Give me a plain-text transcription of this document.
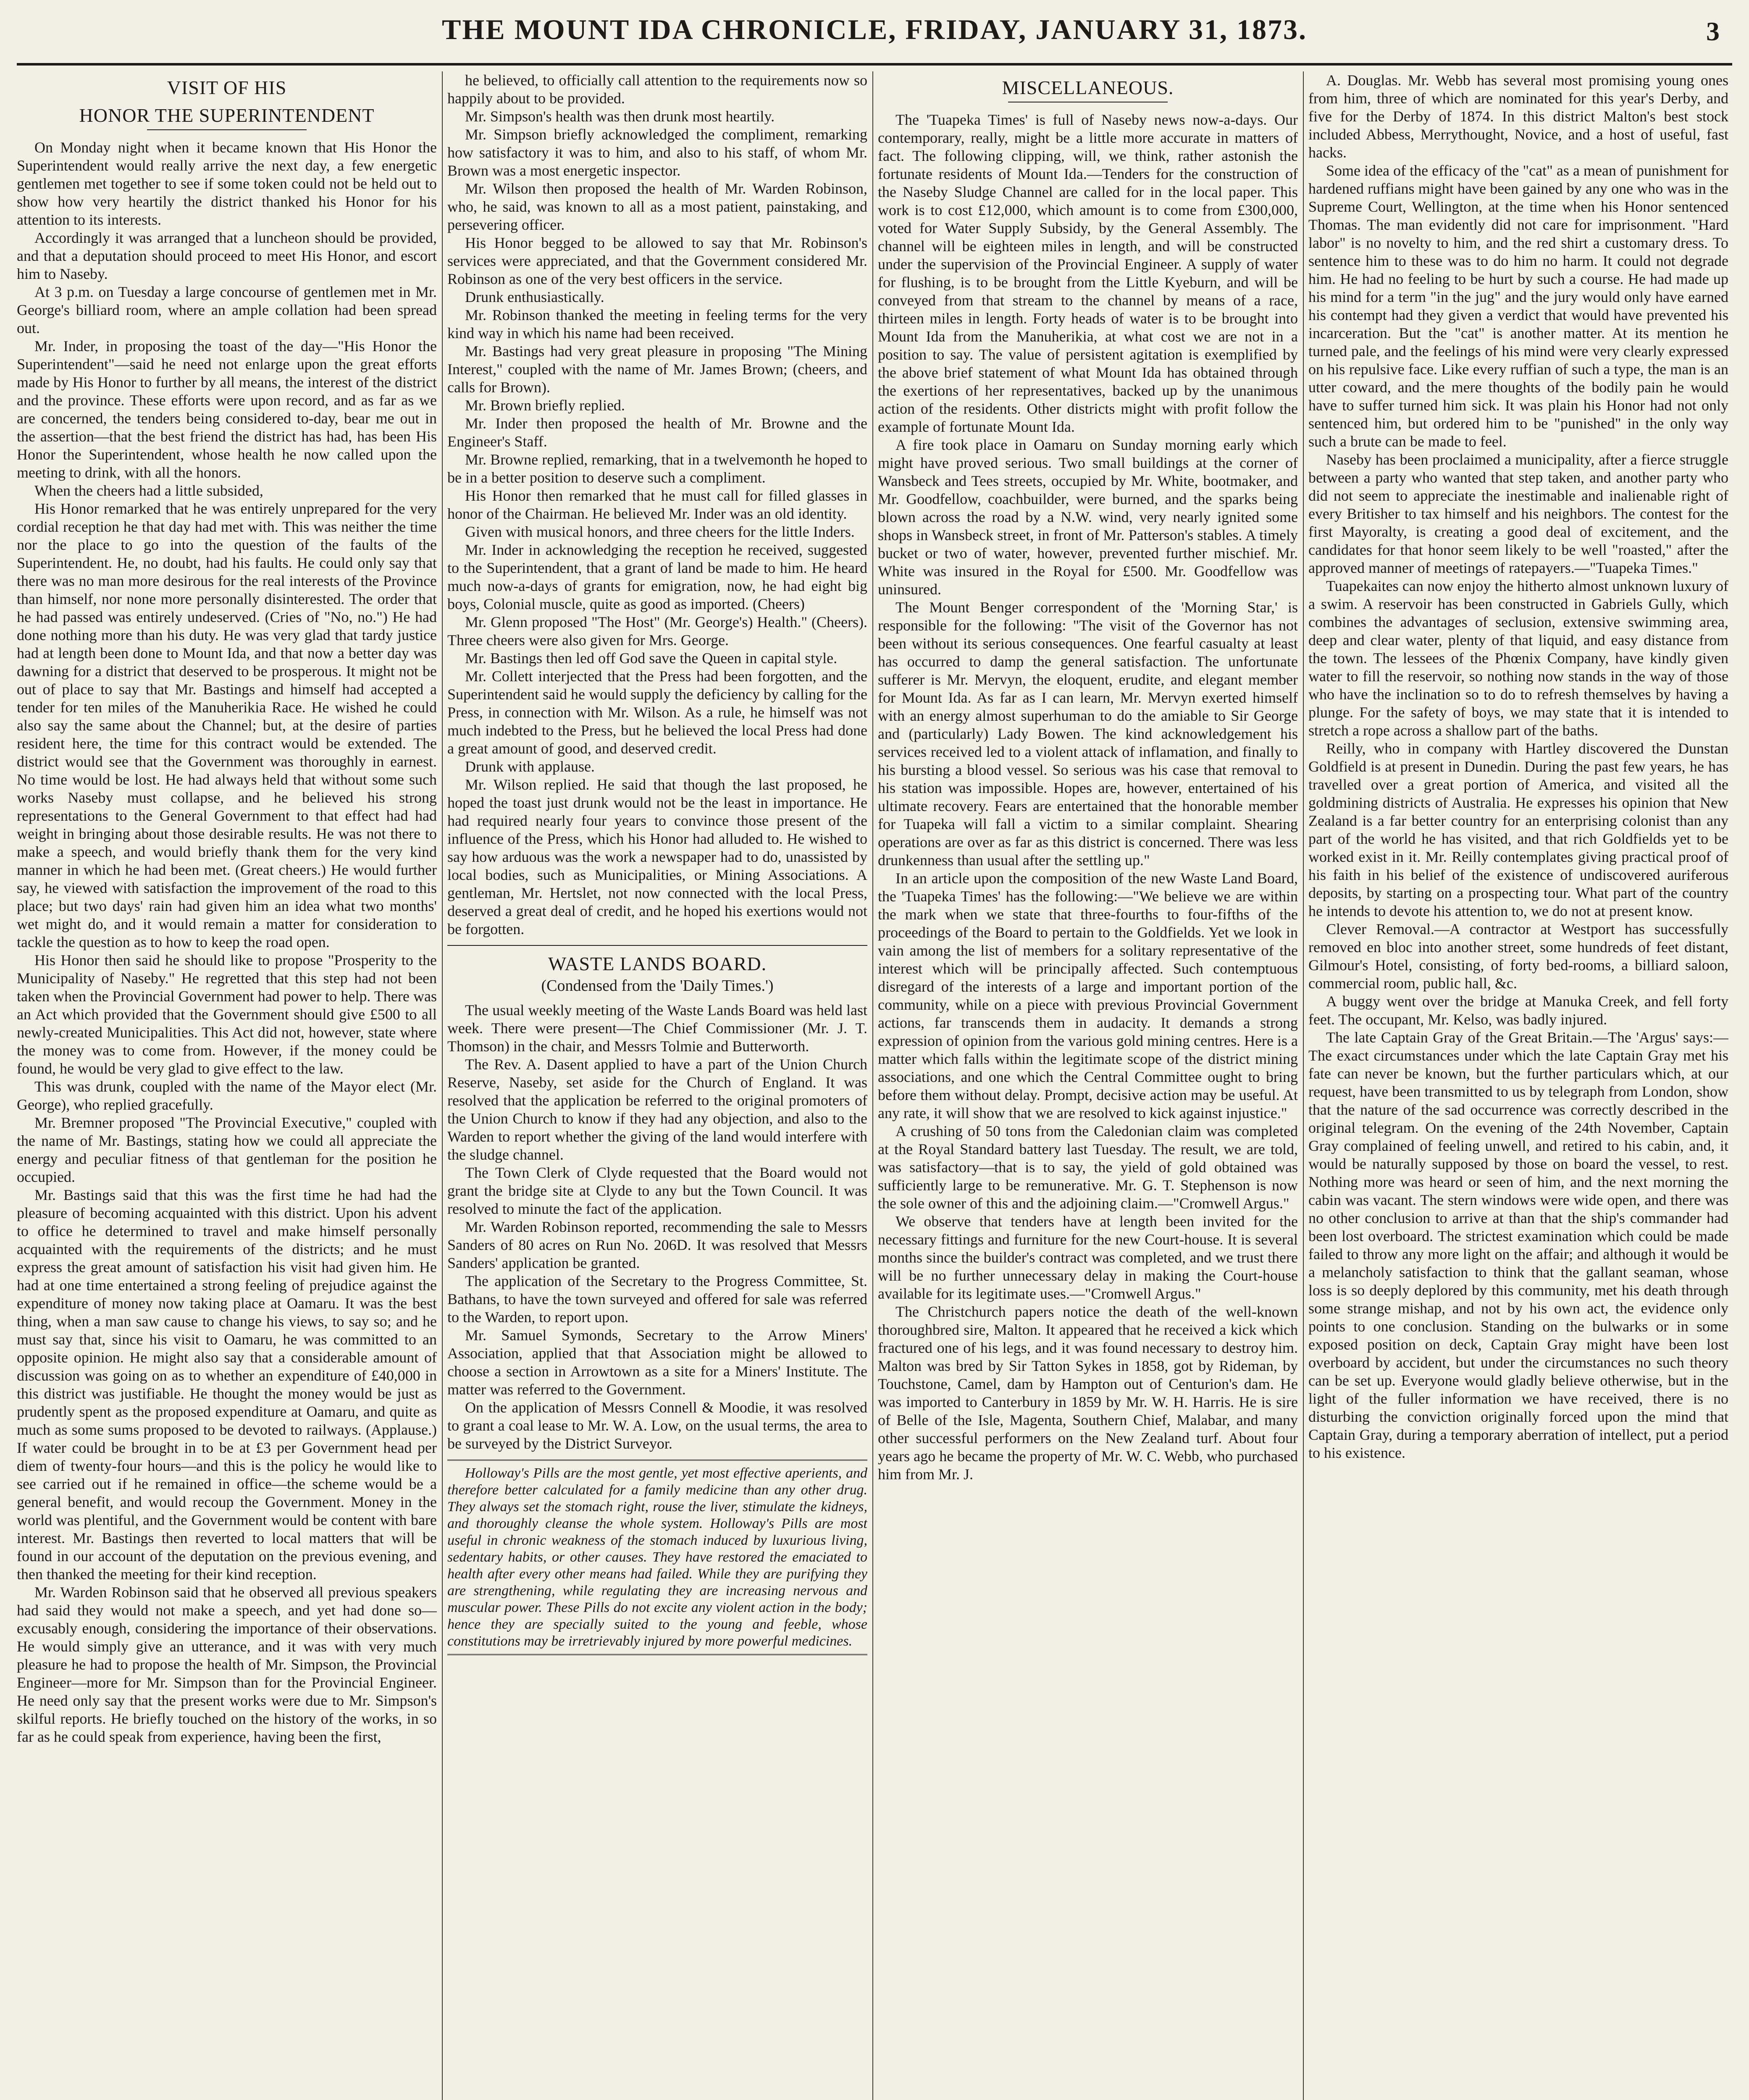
THE MOUNT IDA CHRONICLE, FRIDAY, JANUARY 31, 1873.	3
VISIT OF HIS
HONOR THE SUPERINTENDENT

On Monday night when it became known that His Honor the Superintendent would really arrive the next day, a few energetic gentlemen met together to see if some token could not be held out to show how very heartily the district thanked his Honor for his attention to its interests.

Accordingly it was arranged that a luncheon should be provided, and that a deputation should proceed to meet His Honor, and escort him to Naseby.

At 3 p.m. on Tuesday a large concourse of gentlemen met in Mr. George's billiard room, where an ample collation had been spread out.

Mr. Inder, in proposing the toast of the day—"His Honor the Superintendent"—said he need not enlarge upon the great efforts made by His Honor to further by all means, the interest of the district and the province. These efforts were upon record, and as far as we are concerned, the tenders being considered to-day, bear me out in the assertion—that the best friend the district has had, has been His Honor the Superintendent, whose health he now called upon the meeting to drink, with all the honors.

When the cheers had a little subsided,

His Honor remarked that he was entirely unprepared for the very cordial reception he that day had met with. This was neither the time nor the place to go into the question of the faults of the Superintendent. He, no doubt, had his faults. He could only say that there was no man more desirous for the real interests of the Province than himself, nor none more personally disinterested. The order that he had passed was entirely undeserved. (Cries of "No, no.") He had done nothing more than his duty. He was very glad that tardy justice had at length been done to Mount Ida, and that now a better day was dawning for a district that deserved to be prosperous. It might not be out of place to say that Mr. Bastings and himself had accepted a tender for ten miles of the Manuherikia Race. He wished he could also say the same about the Channel; but, at the desire of parties resident here, the time for this contract would be extended. The district would see that the Government was thoroughly in earnest. No time would be lost. He had always held that without some such works Naseby must collapse, and he believed his strong representations to the General Government to that effect had had weight in bringing about those desirable results. He was not there to make a speech, and would briefly thank them for the very kind manner in which he had been met. (Great cheers.) He would further say, he viewed with satisfaction the improvement of the road to this place; but two days' rain had given him an idea what two months' wet might do, and it would remain a matter for consideration to tackle the question as to how to keep the road open.

His Honor then said he should like to propose "Prosperity to the Municipality of Naseby." He regretted that this step had not been taken when the Provincial Government had power to help. There was an Act which provided that the Government should give £500 to all newly-created Municipalities. This Act did not, however, state where the money was to come from. However, if the money could be found, he would be very glad to give effect to the law.

This was drunk, coupled with the name of the Mayor elect (Mr. George), who replied gracefully.

Mr. Bremner proposed "The Provincial Executive," coupled with the name of Mr. Bastings, stating how we could all appreciate the energy and peculiar fitness of that gentleman for the position he occupied.

Mr. Bastings said that this was the first time he had had the pleasure of becoming acquainted with this district. Upon his advent to office he determined to travel and make himself personally acquainted with the requirements of the districts; and he must express the great amount of satisfaction his visit had given him. He had at one time entertained a strong feeling of prejudice against the expenditure of money now taking place at Oamaru. It was the best thing, when a man saw cause to change his views, to say so; and he must say that, since his visit to Oamaru, he was committed to an opposite opinion. He might also say that a considerable amount of discussion was going on as to whether an expenditure of £40,000 in this district was justifiable. He thought the money would be just as prudently spent as the proposed expenditure at Oamaru, and quite as much as some sums proposed to be devoted to railways. (Applause.) If water could be brought in to be at £3 per Government head per diem of twenty-four hours—and this is the policy he would like to see carried out if he remained in office—the scheme would be a general benefit, and would recoup the Government. Money in the world was plentiful, and the Government would be content with bare interest. Mr. Bastings then reverted to local matters that will be found in our account of the deputation on the previous evening, and then thanked the meeting for their kind reception.

Mr. Warden Robinson said that he observed all previous speakers had said they would not make a speech, and yet had done so—excusably enough, considering the importance of their observations. He would simply give an utterance, and it was with very much pleasure he had to propose the health of Mr. Simpson, the Provincial Engineer—more for Mr. Simpson than for the Provincial Engineer. He need only say that the present works were due to Mr. Simpson's skilful reports. He briefly touched on the history of the works, in so far as he could speak from experience, having been the first,

he believed, to officially call attention to the requirements now so happily about to be provided.

Mr. Simpson's health was then drunk most heartily.

Mr. Simpson briefly acknowledged the compliment, remarking how satisfactory it was to him, and also to his staff, of whom Mr. Brown was a most energetic inspector.

Mr. Wilson then proposed the health of Mr. Warden Robinson, who, he said, was known to all as a most patient, painstaking, and persevering officer.

His Honor begged to be allowed to say that Mr. Robinson's services were appreciated, and that the Government considered Mr. Robinson as one of the very best officers in the service.

Drunk enthusiastically.

Mr. Robinson thanked the meeting in feeling terms for the very kind way in which his name had been received.

Mr. Bastings had very great pleasure in proposing "The Mining Interest," coupled with the name of Mr. James Brown; (cheers, and calls for Brown).

Mr. Brown briefly replied.

Mr. Inder then proposed the health of Mr. Browne and the Engineer's Staff.

Mr. Browne replied, remarking, that in a twelvemonth he hoped to be in a better position to deserve such a compliment.

His Honor then remarked that he must call for filled glasses in honor of the Chairman. He believed Mr. Inder was an old identity.

Given with musical honors, and three cheers for the little Inders.

Mr. Inder in acknowledging the reception he received, suggested to the Superintendent, that a grant of land be made to him. He heard much now-a-days of grants for emigration, now, he had eight big boys, Colonial muscle, quite as good as imported. (Cheers)

Mr. Glenn proposed "The Host" (Mr. George's) Health." (Cheers). Three cheers were also given for Mrs. George.

Mr. Bastings then led off God save the Queen in capital style.

Mr. Collett interjected that the Press had been forgotten, and the Superintendent said he would supply the deficiency by calling for the Press, in connection with Mr. Wilson. As a rule, he himself was not much indebted to the Press, but he believed the local Press had done a great amount of good, and deserved credit.

Drunk with applause.

Mr. Wilson replied. He said that though the last proposed, he hoped the toast just drunk would not be the least in importance. He had required nearly four years to convince those present of the influence of the Press, which his Honor had alluded to. He wished to say how arduous was the work a newspaper had to do, unassisted by local bodies, such as Municipalities, or Mining Associations. A gentleman, Mr. Hertslet, not now connected with the local Press, deserved a great deal of credit, and he hoped his exertions would not be forgotten.

WASTE LANDS BOARD.
(Condensed from the 'Daily Times.')

The usual weekly meeting of the Waste Lands Board was held last week. There were present—The Chief Commissioner (Mr. J. T. Thomson) in the chair, and Messrs Tolmie and Butterworth.

The Rev. A. Dasent applied to have a part of the Union Church Reserve, Naseby, set aside for the Church of England. It was resolved that the application be referred to the original promoters of the Union Church to know if they had any objection, and also to the Warden to report whether the giving of the land would interfere with the sludge channel.

The Town Clerk of Clyde requested that the Board would not grant the bridge site at Clyde to any but the Town Council. It was resolved to minute the fact of the application.

Mr. Warden Robinson reported, recommending the sale to Messrs Sanders of 80 acres on Run No. 206D. It was resolved that Messrs Sanders' application be granted.

The application of the Secretary to the Progress Committee, St. Bathans, to have the town surveyed and offered for sale was referred to the Warden, to report upon.

Mr. Samuel Symonds, Secretary to the Arrow Miners' Association, applied that that Association might be allowed to choose a section in Arrowtown as a site for a Miners' Institute. The matter was referred to the Government.

On the application of Messrs Connell & Moodie, it was resolved to grant a coal lease to Mr. W. A. Low, on the usual terms, the area to be surveyed by the District Surveyor.

Holloway's Pills are the most gentle, yet most effective aperients, and therefore better calculated for a family medicine than any other drug. They always set the stomach right, rouse the liver, stimulate the kidneys, and thoroughly cleanse the whole system. Holloway's Pills are most useful in chronic weakness of the stomach induced by luxurious living, sedentary habits, or other causes. They have restored the emaciated to health after every other means had failed. While they are purifying they are strengthening, while regulating they are increasing nervous and muscular power. These Pills do not excite any violent action in the body; hence they are specially suited to the young and feeble, whose constitutions may be irretrievably injured by more powerful medicines.

MISCELLANEOUS.

The 'Tuapeka Times' is full of Naseby news now-a-days. Our contemporary, really, might be a little more accurate in matters of fact. The following clipping, will, we think, rather astonish the fortunate residents of Mount Ida.—Tenders for the construction of the Naseby Sludge Channel are called for in the local paper. This work is to cost £12,000, which amount is to come from £300,000, voted for Water Supply Subsidy, by the General Assembly. The channel will be eighteen miles in length, and will be constructed under the supervision of the Provincial Engineer. A supply of water for flushing, is to be brought from the Little Kyeburn, and will be conveyed from that stream to the channel by means of a race, thirteen miles in length. Forty heads of water is to be brought into Mount Ida from the Manuherikia, at what cost we are not in a position to say. The value of persistent agitation is exemplified by the above brief statement of what Mount Ida has obtained through the exertions of her representatives, backed up by the unanimous action of the residents. Other districts might with profit follow the example of fortunate Mount Ida.

A fire took place in Oamaru on Sunday morning early which might have proved serious. Two small buildings at the corner of Wansbeck and Tees streets, occupied by Mr. White, bootmaker, and Mr. Goodfellow, coachbuilder, were burned, and the sparks being blown across the road by a N.W. wind, very nearly ignited some shops in Wansbeck street, in front of Mr. Patterson's stables. A timely bucket or two of water, however, prevented further mischief. Mr. White was insured in the Royal for £500. Mr. Goodfellow was uninsured.

The Mount Benger correspondent of the 'Morning Star,' is responsible for the following: "The visit of the Governor has not been without its serious consequences. One fearful casualty at least has occurred to damp the general satisfaction. The unfortunate sufferer is Mr. Mervyn, the eloquent, erudite, and elegant member for Mount Ida. As far as I can learn, Mr. Mervyn exerted himself with an energy almost superhuman to do the amiable to Sir George and (particularly) Lady Bowen. The kind acknowledgement his services received led to a violent attack of inflamation, and finally to his bursting a blood vessel. So serious was his case that removal to his station was impossible. Hopes are, however, entertained of his ultimate recovery. Fears are entertained that the honorable member for Tuapeka will fall a victim to a similar complaint. Shearing operations are over as far as this district is concerned. There was less drunkenness than usual after the settling up."

In an article upon the composition of the new Waste Land Board, the 'Tuapeka Times' has the following:—"We believe we are within the mark when we state that three-fourths to four-fifths of the proceedings of the Board to pertain to the Goldfields. Yet we look in vain among the list of members for a solitary representative of the interest which will be principally affected. Such contemptuous disregard of the interests of a large and important portion of the community, while on a piece with previous Provincial Government actions, far transcends them in audacity. It demands a strong expression of opinion from the various gold mining centres. Here is a matter which falls within the legitimate scope of the district mining associations, and one which the Central Committee ought to bring before them without delay. Prompt, decisive action may be useful. At any rate, it will show that we are resolved to kick against injustice."

A crushing of 50 tons from the Caledonian claim was completed at the Royal Standard battery last Tuesday. The result, we are told, was satisfactory—that is to say, the yield of gold obtained was sufficiently large to be remunerative. Mr. G. T. Stephenson is now the sole owner of this and the adjoining claim.—"Cromwell Argus."

We observe that tenders have at length been invited for the necessary fittings and furniture for the new Court-house. It is several months since the builder's contract was completed, and we trust there will be no further unnecessary delay in making the Court-house available for its legitimate uses.—"Cromwell Argus."

The Christchurch papers notice the death of the well-known thoroughbred sire, Malton. It appeared that he received a kick which fractured one of his legs, and it was found necessary to destroy him. Malton was bred by Sir Tatton Sykes in 1858, got by Rideman, by Touchstone, Camel, dam by Hampton out of Centurion's dam. He was imported to Canterbury in 1859 by Mr. W. H. Harris. He is sire of Belle of the Isle, Magenta, Southern Chief, Malabar, and many other successful performers on the New Zealand turf. About four years ago he became the property of Mr. W. C. Webb, who purchased him from Mr. J.

A. Douglas. Mr. Webb has several most promising young ones from him, three of which are nominated for this year's Derby, and five for the Derby of 1874. In this district Malton's best stock included Abbess, Merrythought, Novice, and a host of useful, fast hacks.

Some idea of the efficacy of the "cat" as a mean of punishment for hardened ruffians might have been gained by any one who was in the Supreme Court, Wellington, at the time when his Honor sentenced Thomas. The man evidently did not care for imprisonment. "Hard labor" is no novelty to him, and the red shirt a customary dress. To sentence him to these was to do him no harm. It could not degrade him. He had no feeling to be hurt by such a course. He had made up his mind for a term "in the jug" and the jury would only have earned his contempt had they given a verdict that would have prevented his incarceration. But the "cat" is another matter. At its mention he turned pale, and the feelings of his mind were very clearly expressed on his repulsive face. Like every ruffian of such a type, the man is an utter coward, and the mere thoughts of the bodily pain he would have to suffer turned him sick. It was plain his Honor had not only sentenced him, but ordered him to be "punished" in the only way such a brute can be made to feel.

Naseby has been proclaimed a municipality, after a fierce struggle between a party who wanted that step taken, and another party who did not seem to appreciate the inestimable and inalienable right of every Britisher to tax himself and his neighbors. The contest for the first Mayoralty, is creating a good deal of excitement, and the candidates for that honor seem likely to be well "roasted," after the approved manner of meetings of ratepayers.—"Tuapeka Times."

Tuapekaites can now enjoy the hitherto almost unknown luxury of a swim. A reservoir has been constructed in Gabriels Gully, which combines the advantages of seclusion, extensive swimming area, deep and clear water, plenty of that liquid, and easy distance from the town. The lessees of the Phœnix Company, have kindly given water to fill the reservoir, so nothing now stands in the way of those who have the inclination so to do to refresh themselves by having a plunge. For the safety of boys, we may state that it is intended to stretch a rope across a shallow part of the baths.

Reilly, who in company with Hartley discovered the Dunstan Goldfield is at present in Dunedin. During the past few years, he has travelled over a great portion of America, and visited all the goldmining districts of Australia. He expresses his opinion that New Zealand is a far better country for an enterprising colonist than any part of the world he has visited, and that rich Goldfields yet to be worked exist in it. Mr. Reilly contemplates giving practical proof of his faith in his belief of the existence of undiscovered auriferous deposits, by starting on a prospecting tour. What part of the country he intends to devote his attention to, we do not at present know.

Clever Removal.—A contractor at Westport has successfully removed en bloc into another street, some hundreds of feet distant, Gilmour's Hotel, consisting, of forty bed-rooms, a billiard saloon, commercial room, public hall, &c.

A buggy went over the bridge at Manuka Creek, and fell forty feet. The occupant, Mr. Kelso, was badly injured.

The late Captain Gray of the Great Britain.—The 'Argus' says:—The exact circumstances under which the late Captain Gray met his fate can never be known, but the further particulars which, at our request, have been transmitted to us by telegraph from London, show that the nature of the sad occurrence was correctly described in the original telegram. On the evening of the 24th November, Captain Gray complained of feeling unwell, and retired to his cabin, and, it would be naturally supposed by those on board the vessel, to rest. Nothing more was heard or seen of him, and the next morning the cabin was vacant. The stern windows were wide open, and there was no other conclusion to arrive at than that the ship's commander had been lost overboard. The strictest examination which could be made failed to throw any more light on the affair; and although it would be a melancholy satisfaction to think that the gallant seaman, whose loss is so deeply deplored by this community, met his death through some strange mishap, and not by his own act, the evidence only points to one conclusion. Standing on the bulwarks or in some exposed position on deck, Captain Gray might have been lost overboard by accident, but under the circumstances no such theory can be set up. Everyone would gladly believe otherwise, but in the light of the fuller information we have received, there is no disturbing the conviction originally forced upon the mind that Captain Gray, during a temporary aberration of intellect, put a period to his existence.
